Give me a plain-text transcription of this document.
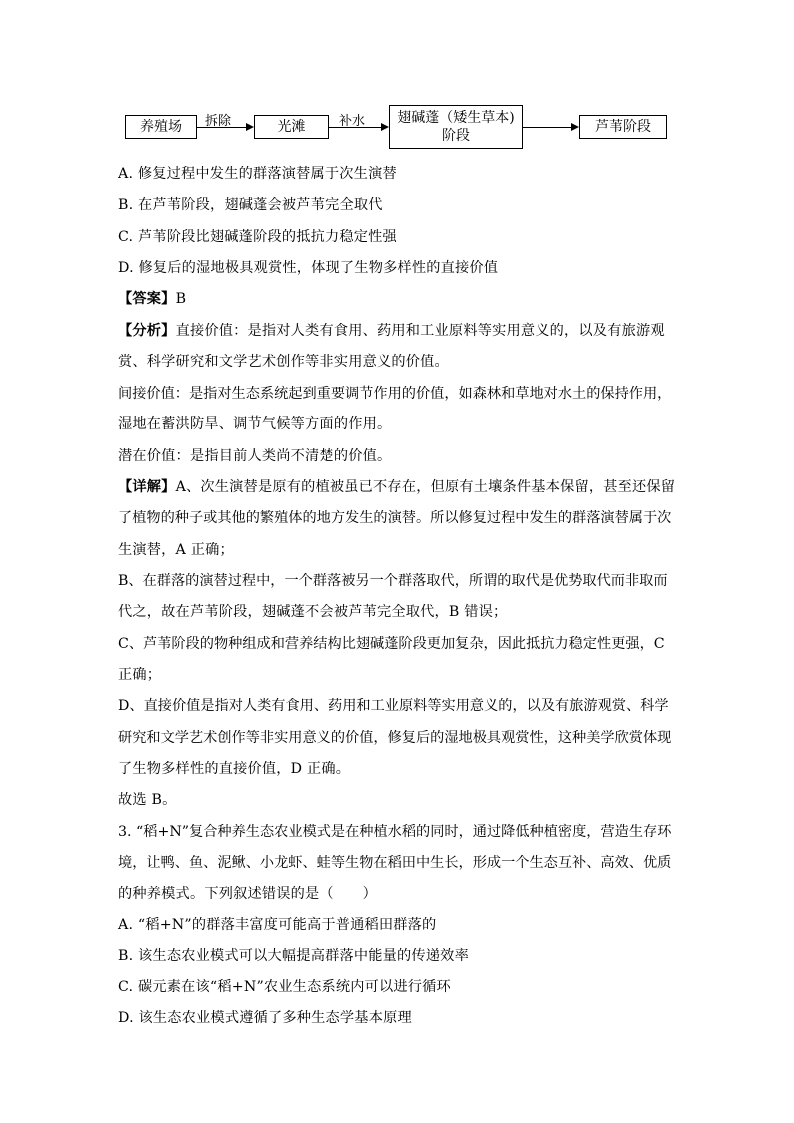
养殖场 拆除	光滩	补水 翅碱蓬（矮生草本)
阶段
芦苇阶段
A. 修复过程中发生的群落演替属于次生演替
B. 在芦苇阶段，翅碱蓬会被芦苇完全取代
C. 芦苇阶段比翅碱蓬阶段的抵抗力稳定性强
D. 修复后的湿地极具观赏性，体现了生物多样性的直接价值
【答案】B
【分析】直接价值：是指对人类有食用、药用和工业原料等实用意义的，以及有旅游观
赏、科学研究和文学艺术创作等非实用意义的价值。
间接价值：是指对生态系统起到重要调节作用的价值，如森林和草地对水土的保持作用，
湿地在蓄洪防旱、调节气候等方面的作用。
潜在价值：是指目前人类尚不清楚的价值。
【详解】A、次生演替是原有的植被虽已不存在，但原有土壤条件基本保留，甚至还保留
了植物的种子或其他的繁殖体的地方发生的演替。所以修复过程中发生的群落演替属于次
生演替，A 正确；
B、在群落的演替过程中，一个群落被另一个群落取代，所谓的取代是优势取代而非取而
代之，故在芦苇阶段，翅碱蓬不会被芦苇完全取代，B 错误；
C、芦苇阶段的物种组成和营养结构比翅碱蓬阶段更加复杂，因此抵抗力稳定性更强，C
正确；
D、直接价值是指对人类有食用、药用和工业原料等实用意义的，以及有旅游观赏、科学
研究和文学艺术创作等非实用意义的价值，修复后的湿地极具观赏性，这种美学欣赏体现
了生物多样性的直接价值，D 正确。
故选 B。
3. “稻+N”复合种养生态农业模式是在种植水稻的同时，通过降低种植密度，营造生存环
境，让鸭、鱼、泥鳅、小龙虾、蛙等生物在稻田中生长，形成一个生态互补、高效、优质
的种养模式。下列叙述错误的是（　　）
A. “稻+N”的群落丰富度可能高于普通稻田群落的
B. 该生态农业模式可以大幅提高群落中能量的传递效率
C. 碳元素在该“稻+N”农业生态系统内可以进行循环
D. 该生态农业模式遵循了多种生态学基本原理
